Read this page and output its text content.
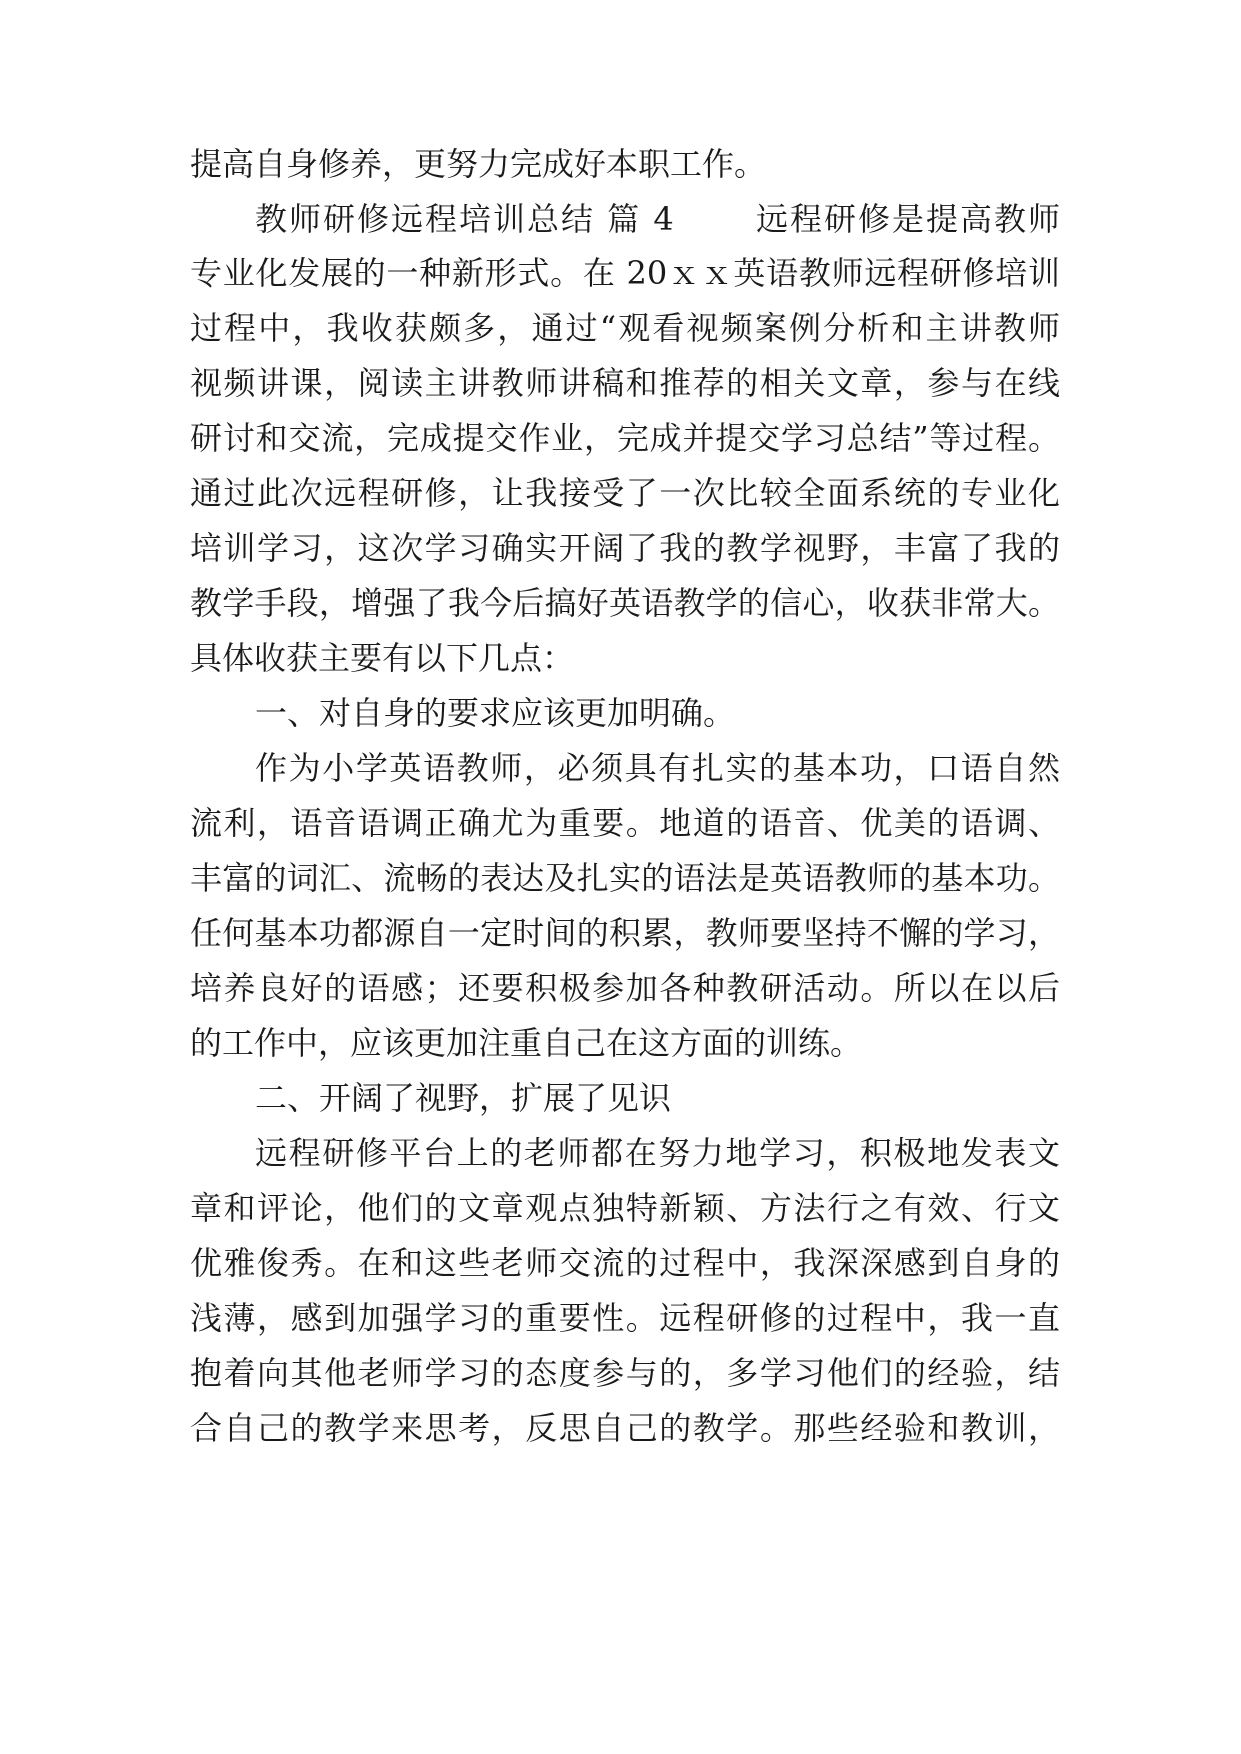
提高自身修养，更努力完成好本职工作。
教师研修远程培训总结 篇 4　　 远程研修是提高教师
专业化发展的一种新形式。在 20ｘｘ英语教师远程研修培训
过程中，我收获颇多，通过“观看视频案例分析和主讲教师
视频讲课，阅读主讲教师讲稿和推荐的相关文章，参与在线
研讨和交流，完成提交作业，完成并提交学习总结”等过程。
通过此次远程研修，让我接受了一次比较全面系统的专业化
培训学习，这次学习确实开阔了我的教学视野，丰富了我的
教学手段，增强了我今后搞好英语教学的信心，收获非常大。
具体收获主要有以下几点：
一、对自身的要求应该更加明确。
作为小学英语教师，必须具有扎实的基本功，口语自然
流利，语音语调正确尤为重要。地道的语音、优美的语调、
丰富的词汇、流畅的表达及扎实的语法是英语教师的基本功。
任何基本功都源自一定时间的积累，教师要坚持不懈的学习，
培养良好的语感；还要积极参加各种教研活动。所以在以后
的工作中，应该更加注重自己在这方面的训练。
二、开阔了视野，扩展了见识
远程研修平台上的老师都在努力地学习，积极地发表文
章和评论，他们的文章观点独特新颖、方法行之有效、行文
优雅俊秀。在和这些老师交流的过程中，我深深感到自身的
浅薄，感到加强学习的重要性。远程研修的过程中，我一直
抱着向其他老师学习的态度参与的，多学习他们的经验，结
合自己的教学来思考，反思自己的教学。那些经验和教训，
